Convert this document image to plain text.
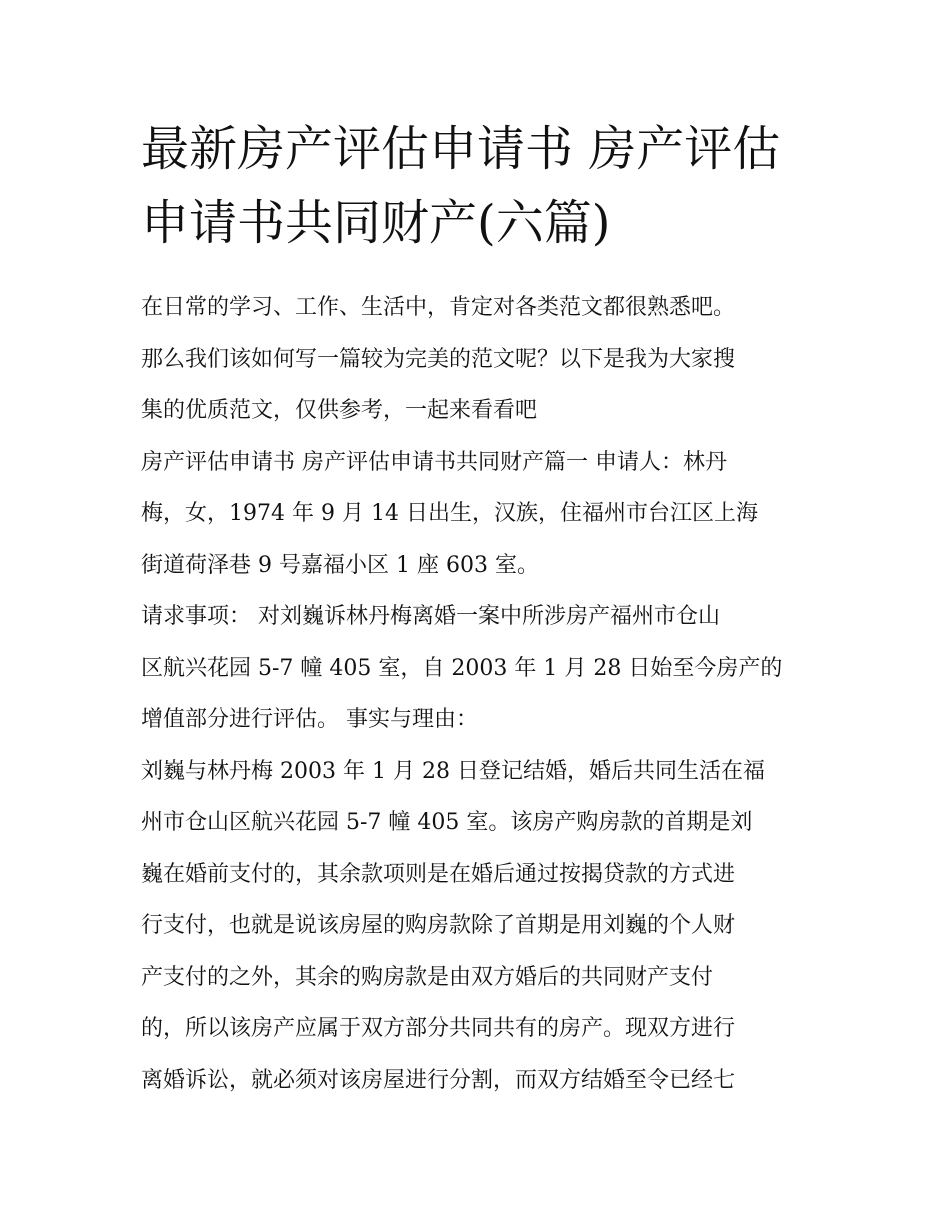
最新房产评估申请书 房产评估
申请书共同财产(六篇)
在日常的学习、工作、生活中，肯定对各类范文都很熟悉吧。
那么我们该如何写一篇较为完美的范文呢？以下是我为大家搜
集的优质范文，仅供参考，一起来看看吧
房产评估申请书 房产评估申请书共同财产篇一 申请人：林丹
梅，女，1974 年 9 月 14 日出生，汉族，住福州市台江区上海
街道荷泽巷 9 号嘉福小区 1 座 603 室。
请求事项： 对刘巍诉林丹梅离婚一案中所涉房产福州市仓山
区航兴花园 5-7 幢 405 室，自 2003 年 1 月 28 日始至今房产的
增值部分进行评估。 事实与理由：
刘巍与林丹梅 2003 年 1 月 28 日登记结婚，婚后共同生活在福
州市仓山区航兴花园 5-7 幢 405 室。该房产购房款的首期是刘
巍在婚前支付的，其余款项则是在婚后通过按揭贷款的方式进
行支付，也就是说该房屋的购房款除了首期是用刘巍的个人财
产支付的之外，其余的购房款是由双方婚后的共同财产支付
的，所以该房产应属于双方部分共同共有的房产。现双方进行
离婚诉讼，就必须对该房屋进行分割，而双方结婚至令已经七
